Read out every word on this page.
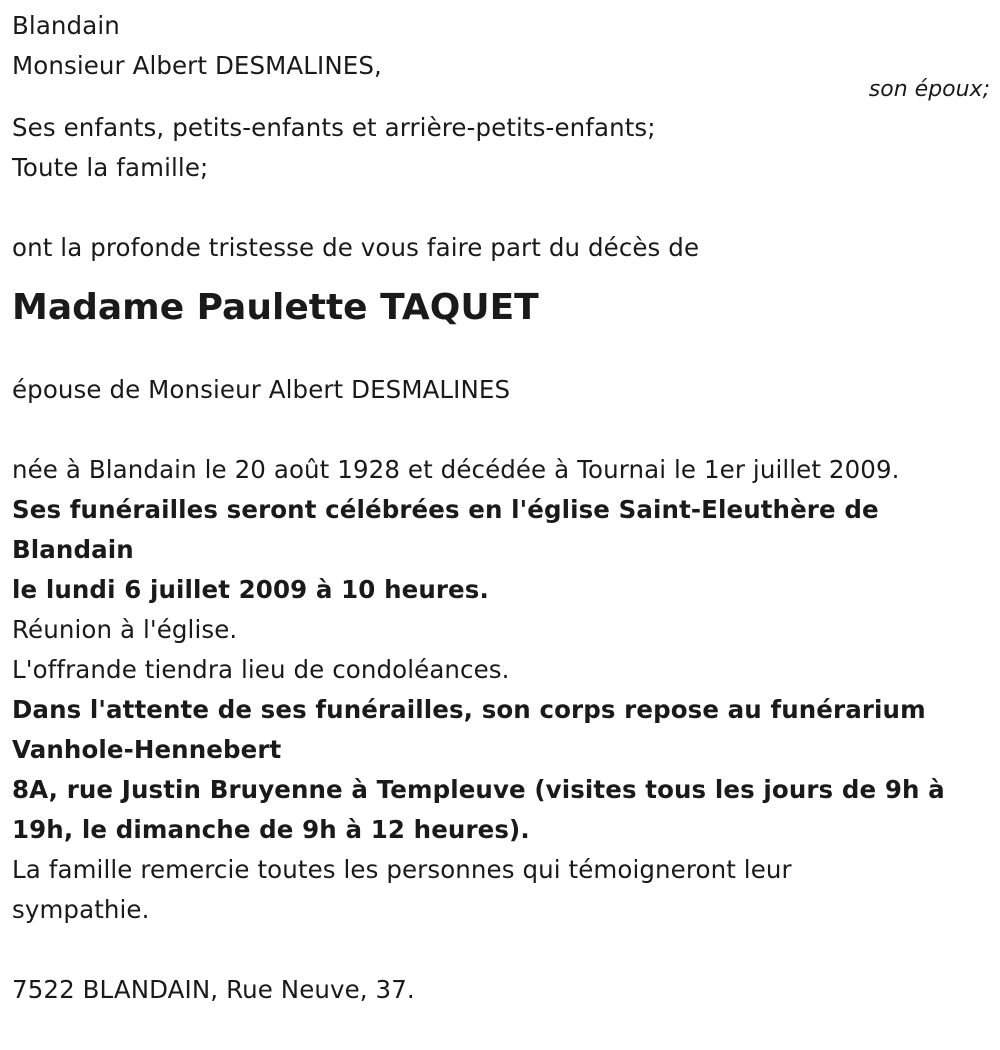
Blandain
Monsieur Albert DESMALINES,
Ses enfants, petits-enfants et arrière-petits-enfants;
Toute la famille;
ont la profonde tristesse de vous faire part du décès de
Madame Paulette TAQUET
épouse de Monsieur Albert DESMALINES
née à Blandain le 20 août 1928 et décédée à Tournai le 1er juillet 2009.
Ses funérailles seront célébrées en l'église Saint-Eleuthère de
Blandain
le lundi 6 juillet 2009 à 10 heures.
Réunion à l'église.
L'offrande tiendra lieu de condoléances.
Dans l'attente de ses funérailles, son corps repose au funérarium
Vanhole-Hennebert
8A, rue Justin Bruyenne à Templeuve (visites tous les jours de 9h à
19h, le dimanche de 9h à 12 heures).
La famille remercie toutes les personnes qui témoigneront leur
sympathie.
7522 BLANDAIN, Rue Neuve, 37.
son époux;
